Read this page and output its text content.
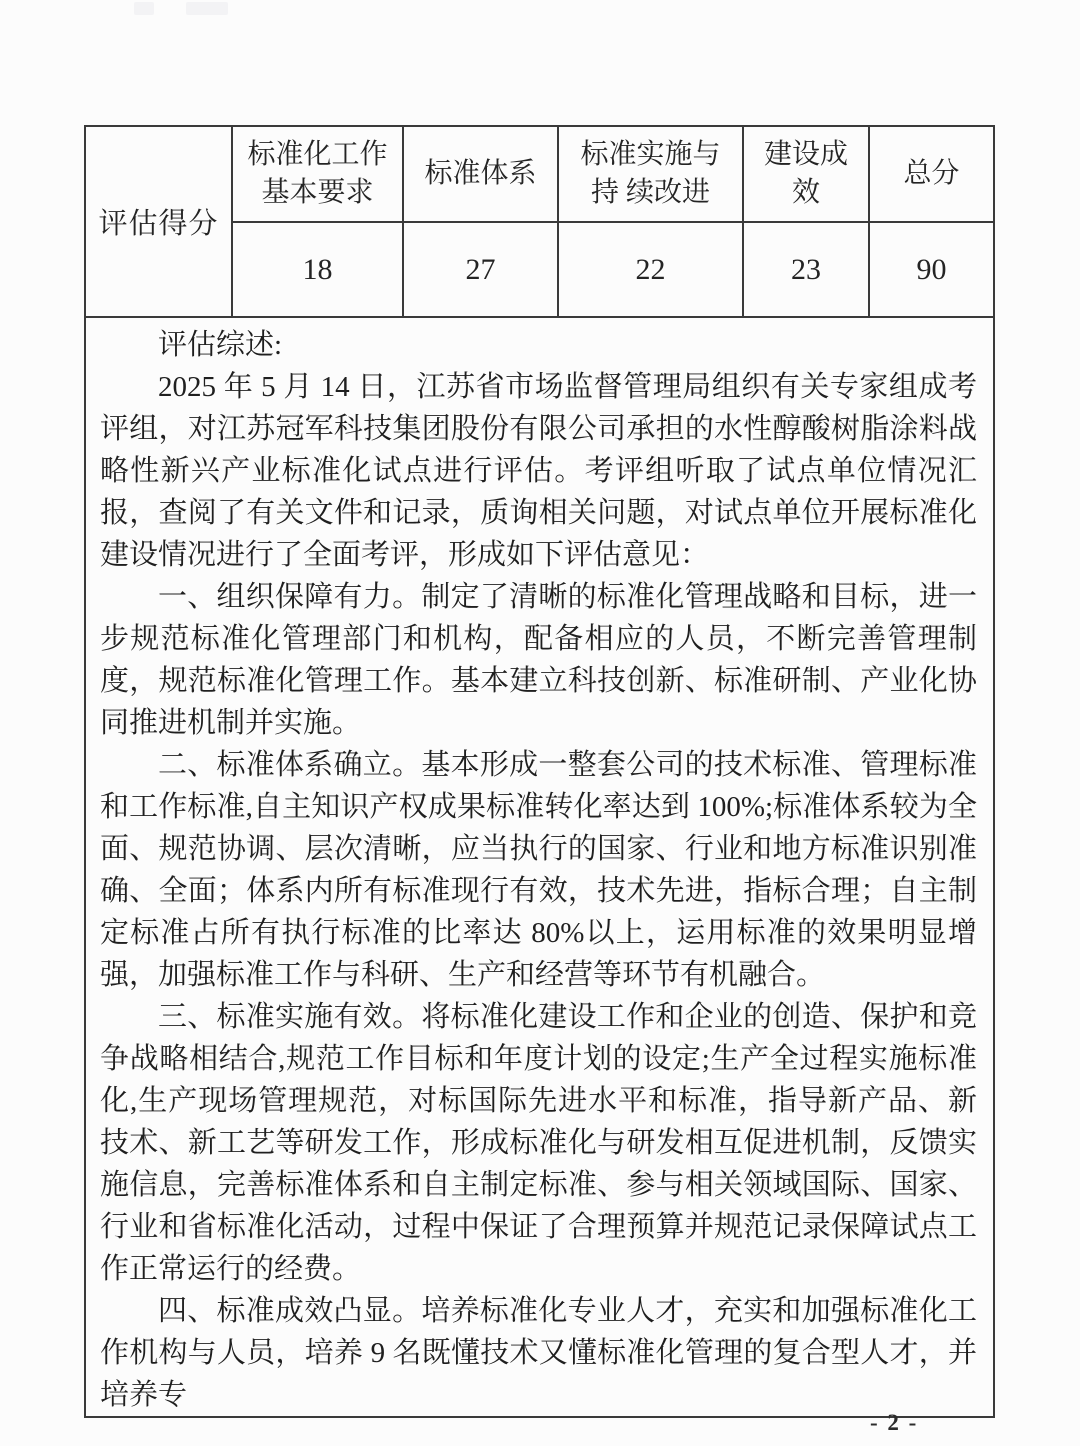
评估得分	标准化工作 基本要求	标准体系	标准实施与持 续改进	建设成效	总分
	18	27	22	23	90

评估综述:

2025 年 5 月 14 日，江苏省市场监督管理局组织有关专家组成考评组，对江苏冠军科技集团股份有限公司承担的水性醇酸树脂涂料战略性新兴产业标准化试点进行评估。考评组听取了试点单位情况汇报，查阅了有关文件和记录，质询相关问题，对试点单位开展标准化建设情况进行了全面考评，形成如下评估意见：

一、组织保障有力。制定了清晰的标准化管理战略和目标，进一步规范标准化管理部门和机构，配备相应的人员，不断完善管理制度，规范标准化管理工作。基本建立科技创新、标准研制、产业化协同推进机制并实施。

二、标准体系确立。基本形成一整套公司的技术标准、管理标准和工作标准,自主知识产权成果标准转化率达到 100%;标准体系较为全面、规范协调、层次清晰，应当执行的国家、行业和地方标准识别准确、全面；体系内所有标准现行有效，技术先进，指标合理；自主制定标准占所有执行标准的比率达 80%以上，运用标准的效果明显增强，加强标准工作与科研、生产和经营等环节有机融合。

三、标准实施有效。将标准化建设工作和企业的创造、保护和竞争战略相结合,规范工作目标和年度计划的设定;生产全过程实施标准化,生产现场管理规范，对标国际先进水平和标准，指导新产品、新技术、新工艺等研发工作，形成标准化与研发相互促进机制，反馈实施信息，完善标准体系和自主制定标准、参与相关领域国际、国家、行业和省标准化活动，过程中保证了合理预算并规范记录保障试点工作正常运行的经费。

四、标准成效凸显。培养标准化专业人才，充实和加强标准化工作机构与人员，培养 9 名既懂技术又懂标准化管理的复合型人才，并培养专

- 2 -
